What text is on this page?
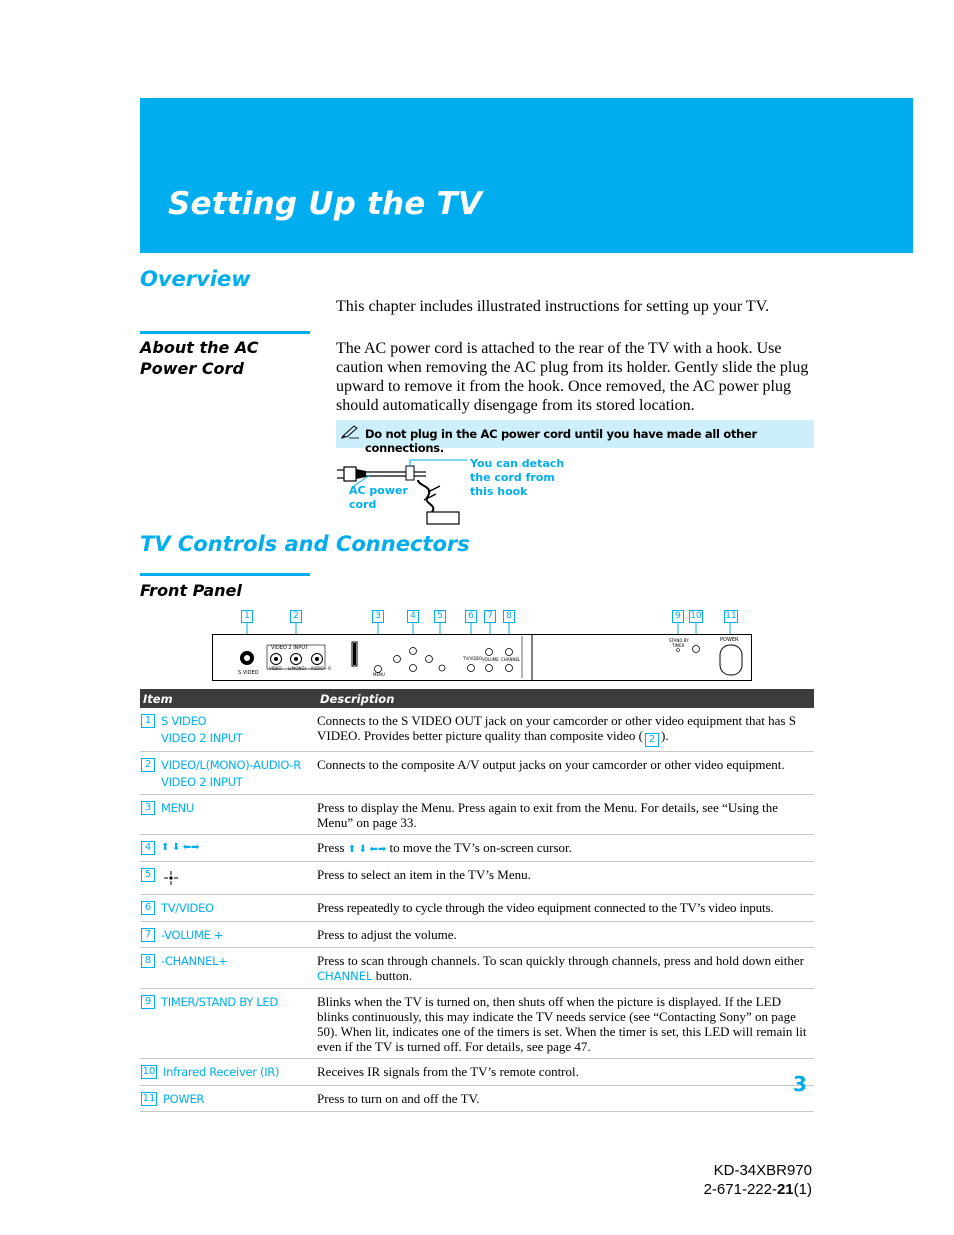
Setting Up the TV
Overview
This chapter includes illustrated instructions for setting up your TV.
About the AC
Power Cord
The AC power cord is attached to the rear of the TV with a hook. Use caution when removing the AC plug from its holder. Gently slide the plug upward to remove it from the hook. Once removed, the AC power plug should automatically disengage from its stored location.
Do not plug in the AC power cord until you have made all other connections.
AC power
cord
You can detach
the cord from
this hook
TV Controls and Connectors
Front Panel
1	2	3	4	5	6	7	8	9	10	11
VIDEO 2 INPUT
S VIDEO
VIDEO L(MONO) – AUDIO – R
MENU
TV/VIDEO VOLUME CHANNEL
STAND BY
TIMER
POWER
Item	Description

1 S VIDEO
VIDEO 2 INPUT	Connects to the S VIDEO OUT jack on your camcorder or other video equipment that has S VIDEO. Provides better picture quality than composite video ( 2 ).

2 VIDEO/L(MONO)-AUDIO-R
VIDEO 2 INPUT	Connects to the composite A/V output jacks on your camcorder or other video equipment.

3 MENU	Press to display the Menu. Press again to exit from the Menu. For details, see “Using the Menu” on page 33.

4 ⬆ ⬇ ⬅➡	Press ⬆ ⬇ ⬅➡ to move the TV’s on-screen cursor.

5	Press to select an item in the TV’s Menu.

6 TV/VIDEO	Press repeatedly to cycle through the video equipment connected to the TV’s video inputs.

7 -VOLUME +	Press to adjust the volume.

8 -CHANNEL+	Press to scan through channels. To scan quickly through channels, press and hold down either CHANNEL button.

9 TIMER/STAND BY LED	Blinks when the TV is turned on, then shuts off when the picture is displayed. If the LED blinks continuously, this may indicate the TV needs service (see “Contacting Sony” on page 50). When lit, indicates one of the timers is set. When the timer is set, this LED will remain lit even if the TV is turned off. For details, see page 47.

10 Infrared Receiver (IR)	Receives IR signals from the TV’s remote control.

11 POWER	Press to turn on and off the TV.
3
KD-34XBR970
2-671-222-21(1)
